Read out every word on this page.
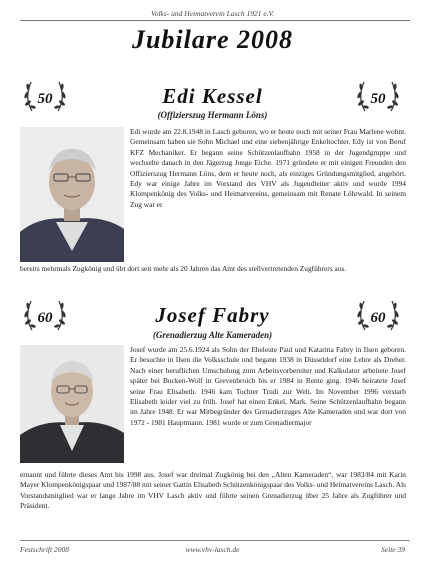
Volks- und Heimatverein Lasch 1921 e.V.
Jubilare 2008
50	50
Edi Kessel
(Offizierszug Hermann Löns)

Edi wurde am 22.8.1948 in Lasch geboren, wo er heute noch mit seiner Frau Marlene wohnt. Gemeinsam haben sie Sohn Michael und eine siebenjährige Enkeltochter. Edy ist von Beruf KFZ Mechaniker. Er begann seine Schützenlaufbahn 1958 in der Jugendgruppe und wechselte danach in den Jägerzug Junge Eiche. 1971 gründete er mit einigen Freunden den Offizierszug Hermann Löns, dem er heute noch, als einziges Gründungsmitglied, angehört. Edy war einige Jahre im Vorstand des VHV als Jugendleiter aktiv und wurde 1994 Klompenkönig des Volks- und Heimatvereins, gemeinsam mit Renate Löhrwald. In seinem Zug war er

bereits mehrmals Zugkönig und übt dort seit mehr als 20 Jahren das Amt des stellvertretenden Zugführers aus.

60	60
Josef Fabry
(Grenadierzug Alte Kameraden)

Josef wurde am 25.6.1924 als Sohn der Eheleute Paul und Katarina Fabry in Ilsen geboren. Er besuchte in Ilsen die Volksschule und begann 1938 in Düsseldorf eine Lehre als Dreher. Nach einer beruflichen Umschulung zum Arbeitsvorbereiter und Kalkulator arbeitete Josef später bei Bucken-Wolf in Grevenbroich bis er 1984 in Rente ging. 1946 heiratete Josef seine Frau Elisabeth. 1946 kam Tochter Trudi zur Welt. Im November 1996 verstarb Elisabeth leider viel zu früh. Josef hat einen Enkel, Mark. Seine Schützenlaufbahn begann im Jahre 1948. Er war Mitbegründer des Grenadierzuges Alte Kameraden und war dort von 1972 - 1981 Hauptmann. 1981 wurde er zum Grenadiermajor

ernannt und führte dieses Amt bis 1998 aus. Josef war dreimal Zugkönig bei den „Alten Kameraden“, war 1983/84 mit Karin Mayer Klompenkönigspaar und 1987/88 mit seiner Gattin Elisabeth Schützenkönigspaar des Volks- und Heimatvereins Lasch. Als Vorstandsmitglied war er lange Jahre im VHV Lasch aktiv und führte seinen Grenadierzug über 25 Jahre als Zugführer und Präsident.

Festschrift 2008	www.vhv-lasch.de	Seite 39
